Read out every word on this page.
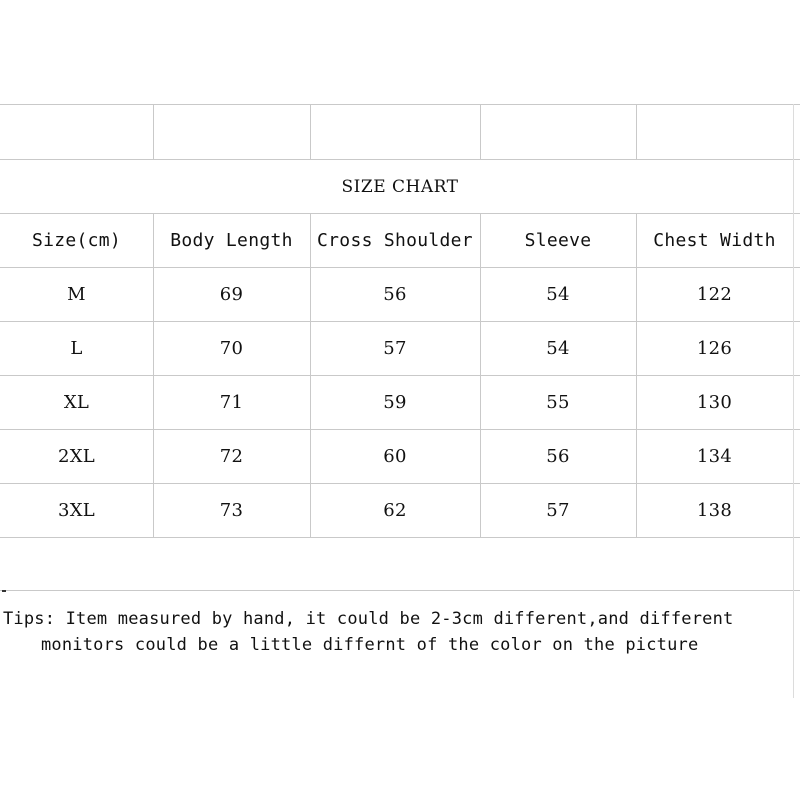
SIZE CHART
Size(cm)	Body Length	Cross Shoulder	Sleeve	Chest Width
M	69	56	54	122
L	70	57	54	126
XL	71	59	55	130
2XL	72	60	56	134
3XL	73	62	57	138
Tips: Item measured by hand, it could be 2-3cm different,and different
monitors could be a little differnt of the color on the picture
